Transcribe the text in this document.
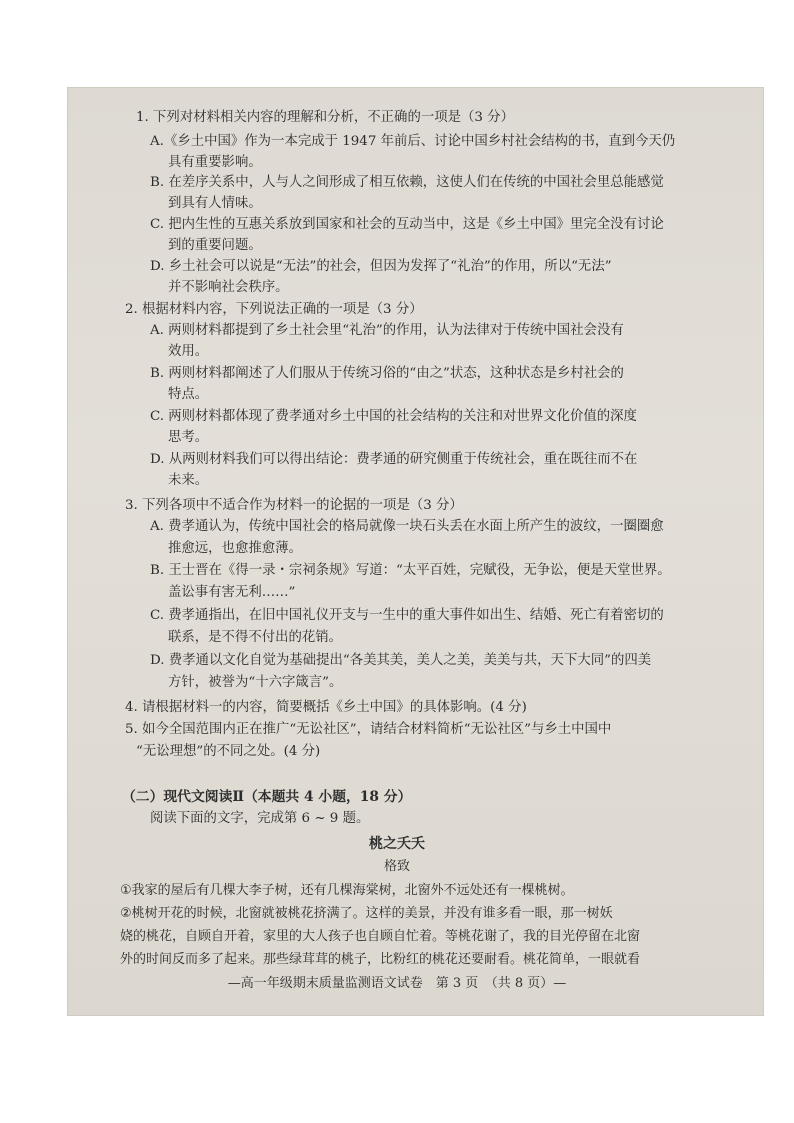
1. 下列对材料相关内容的理解和分析，不正确的一项是（3 分）
A.《乡土中国》作为一本完成于 1947 年前后、讨论中国乡村社会结构的书，直到今天仍
具有重要影响。
B. 在差序关系中，人与人之间形成了相互依赖，这使人们在传统的中国社会里总能感觉
到具有人情味。
C. 把内生性的互惠关系放到国家和社会的互动当中，这是《乡土中国》里完全没有讨论
到的重要问题。
D. 乡土社会可以说是“无法”的社会，但因为发挥了“礼治”的作用，所以“无法”
并不影响社会秩序。
2. 根据材料内容，下列说法正确的一项是（3 分）
A. 两则材料都提到了乡土社会里“礼治”的作用，认为法律对于传统中国社会没有
效用。
B. 两则材料都阐述了人们服从于传统习俗的“由之”状态，这种状态是乡村社会的
特点。
C. 两则材料都体现了费孝通对乡土中国的社会结构的关注和对世界文化价值的深度
思考。
D. 从两则材料我们可以得出结论：费孝通的研究侧重于传统社会，重在既往而不在
未来。
3. 下列各项中不适合作为材料一的论据的一项是（3 分）
A. 费孝通认为，传统中国社会的格局就像一块石头丢在水面上所产生的波纹，一圈圈愈
推愈远，也愈推愈薄。
B. 王士晋在《得一录・宗祠条规》写道：“太平百姓，完赋役，无争讼，便是天堂世界。
盖讼事有害无利……”
C. 费孝通指出，在旧中国礼仪开支与一生中的重大事件如出生、结婚、死亡有着密切的
联系，是不得不付出的花销。
D. 费孝通以文化自觉为基础提出“各美其美，美人之美，美美与共，天下大同”的四美
方针，被誉为“十六字箴言”。
4. 请根据材料一的内容，简要概括《乡土中国》的具体影响。(4 分)
5. 如今全国范围内正在推广“无讼社区”，请结合材料简析“无讼社区”与乡土中国中
“无讼理想”的不同之处。(4 分)
（二）现代文阅读Ⅱ（本题共 4 小题，18 分）
阅读下面的文字，完成第 6 ~ 9 题。
桃之夭夭
格致
①我家的屋后有几棵大李子树，还有几棵海棠树，北窗外不远处还有一棵桃树。
②桃树开花的时候，北窗就被桃花挤满了。这样的美景，并没有谁多看一眼，那一树妖
娆的桃花，自顾自开着，家里的大人孩子也自顾自忙着。等桃花谢了，我的目光停留在北窗
外的时间反而多了起来。那些绿茸茸的桃子，比粉红的桃花还要耐看。桃花简单，一眼就看
—高一年级期末质量监测语文试卷　第 3 页　（共 8 页）—
